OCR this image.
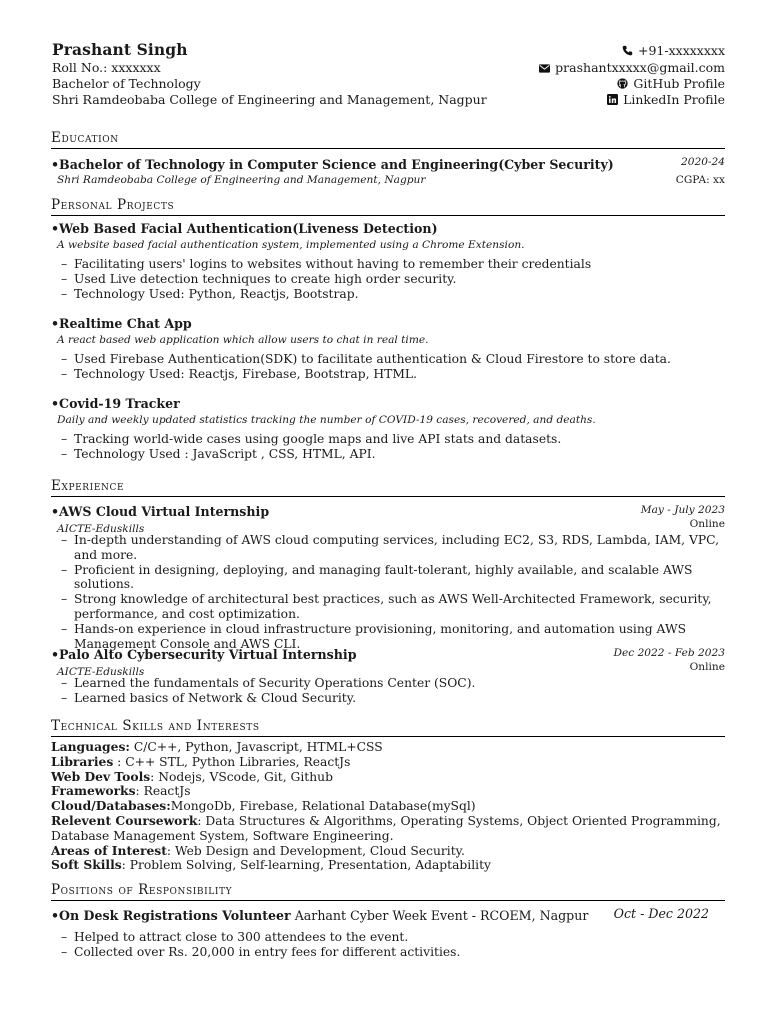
Prashant Singh
Roll No.: xxxxxxx
Bachelor of Technology
Shri Ramdeobaba College of Engineering and Management, Nagpur
+91-xxxxxxxx
prashantxxxxx@gmail.com
GitHub Profile
LinkedIn Profile
Education
•Bachelor of Technology in Computer Science and Engineering(Cyber Security)	2020-24
Shri Ramdeobaba College of Engineering and Management, Nagpur	CGPA: xx
Personal Projects
•Web Based Facial Authentication(Liveness Detection)
A website based facial authentication system, implemented using a Chrome Extension.
– Facilitating users' logins to websites without having to remember their credentials
– Used Live detection techniques to create high order security.
– Technology Used: Python, Reactjs, Bootstrap.
•Realtime Chat App
A react based web application which allow users to chat in real time.
– Used Firebase Authentication(SDK) to facilitate authentication & Cloud Firestore to store data.
– Technology Used: Reactjs, Firebase, Bootstrap, HTML.
•Covid-19 Tracker
Daily and weekly updated statistics tracking the number of COVID-19 cases, recovered, and deaths.
– Tracking world-wide cases using google maps and live API stats and datasets.
– Technology Used : JavaScript , CSS, HTML, API.
Experience
•AWS Cloud Virtual Internship	May - July 2023
AICTE-Eduskills	Online
– In-depth understanding of AWS cloud computing services, including EC2, S3, RDS, Lambda, IAM, VPC, and more.
– Proficient in designing, deploying, and managing fault-tolerant, highly available, and scalable AWS solutions.
– Strong knowledge of architectural best practices, such as AWS Well-Architected Framework, security, performance, and cost optimization.
– Hands-on experience in cloud infrastructure provisioning, monitoring, and automation using AWS Management Console and AWS CLI.
•Palo Alto Cybersecurity Virtual Internship	Dec 2022 - Feb 2023
AICTE-Eduskills	Online
– Learned the fundamentals of Security Operations Center (SOC).
– Learned basics of Network & Cloud Security.
Technical Skills and Interests
Languages: C/C++, Python, Javascript, HTML+CSS
Libraries : C++ STL, Python Libraries, ReactJs
Web Dev Tools: Nodejs, VScode, Git, Github
Frameworks: ReactJs
Cloud/Databases:MongoDb, Firebase, Relational Database(mySql)
Relevent Coursework: Data Structures & Algorithms, Operating Systems, Object Oriented Programming, Database Management System, Software Engineering.
Areas of Interest: Web Design and Development, Cloud Security.
Soft Skills: Problem Solving, Self-learning, Presentation, Adaptability
Positions of Responsibility
•On Desk Registrations Volunteer Aarhant Cyber Week Event - RCOEM, Nagpur Oct - Dec 2022
– Helped to attract close to 300 attendees to the event.
– Collected over Rs. 20,000 in entry fees for different activities.
